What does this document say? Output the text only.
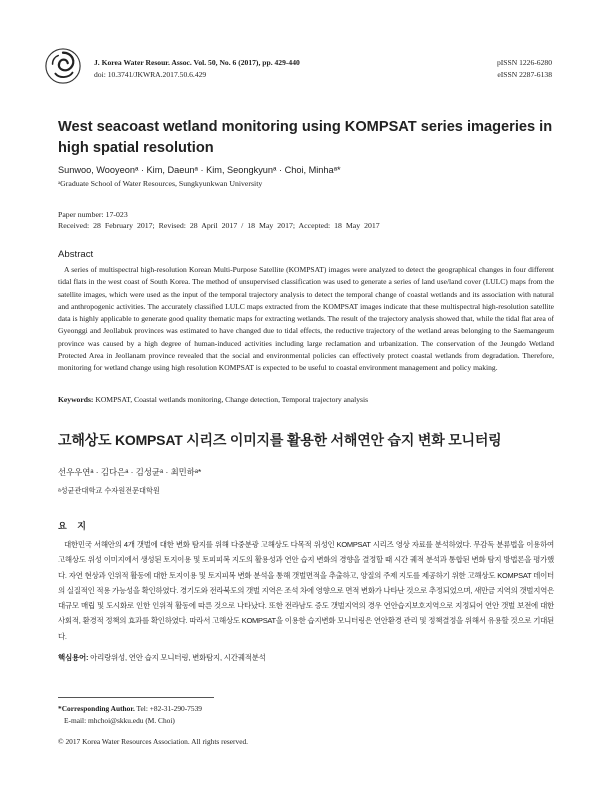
J. Korea Water Resour. Assoc. Vol. 50, No. 6 (2017), pp. 429-440
doi: 10.3741/JKWRA.2017.50.6.429
pISSN 1226-6280
eISSN 2287-6138
West seacoast wetland monitoring using KOMPSAT series imageries in high spatial resolution
Sunwoo, Wooyeonᵃ · Kim, Daeunᵃ · Kim, Seongkyunᵃ · Choi, Minhaᵃ*
ᵃGraduate School of Water Resources, Sungkyunkwan University
Paper number: 17-023
Received: 28 February 2017; Revised: 28 April 2017 / 18 May 2017; Accepted: 18 May 2017
Abstract

A series of multispectral high-resolution Korean Multi-Purpose Satellite (KOMPSAT) images were analyzed to detect the geographical changes in four different tidal flats in the west coast of South Korea. The method of unsupervised classification was used to generate a series of land use/land cover (LULC) maps from the satellite images, which were used as the input of the temporal trajectory analysis to detect the temporal change of coastal wetlands and its association with natural and anthropogenic activities. The accurately classified LULC maps extracted from the KOMPSAT images indicate that these multispectral high-resolution satellite data is highly applicable to generate good quality thematic maps for extracting wetlands. The result of the trajectory analysis showed that, while the tidal flat area of Gyeonggi and Jeollabuk provinces was estimated to have changed due to tidal effects, the reductive trajectory of the wetland areas belonging to the Saemangeum province was caused by a high degree of human-induced activities including large reclamation and urbanization. The conservation of the Jeungdo Wetland Protected Area in Jeollanam province revealed that the social and environmental policies can effectively protect coastal wetlands from degradation. Therefore, monitoring for wetland change using high resolution KOMPSAT is expected to be useful to coastal environment management and policy making.

Keywords: KOMPSAT, Coastal wetlands monitoring, Change detection, Temporal trajectory analysis
고해상도 KOMPSAT 시리즈 이미지를 활용한 서해연안 습지 변화 모니터링
선우우연ᵃ · 김다은ᵃ · 김성균ᵃ · 최민하ᵃ*
ᵃ성균관대학교 수자원전문대학원
요 지

대한민국 서해안의 4개 갯벌에 대한 변화 탐지를 위해 다중분광 고해상도 다목적 위성인 KOMPSAT 시리즈 영상 자료를 분석하였다. 무감독 분류법을 이용하여 고해상도 위성 이미지에서 생성된 토지이용 및 토피피복 지도의 활용성과 연안 습지 변화의 경향을 결정할 때 시간 궤적 분석과 통합된 변화 탐지 방법론을 평가했다. 자연 현상과 인위적 활동에 대한 토지이용 및 토지피복 변화 분석을 통해 갯벌면적을 추출하고, 양질의 주제 지도를 제공하기 위한 고해상도 KOMPSAT 데이터의 실질적인 적용 가능성을 확인하였다. 경기도와 전라북도의 갯벌 지역은 조석 차에 영향으로 면적 변화가 나타난 것으로 추정되었으며, 새만금 지역의 갯벌지역은 대규모 매립 및 도시화로 인한 인위적 활동에 따른 것으로 나타났다. 또한 전라남도 증도 갯벌지역의 경우 연안습지보호지역으로 지정되어 연안 갯벌 보전에 대한 사회적, 환경적 정책의 효과를 확인하였다. 따라서 고해상도 KOMPSAT을 이용한 습지변화 모니터링은 연안환경 관리 및 정책결정을 위해서 유용할 것으로 기대된다.

핵심용어: 아리랑위성, 연안 습지 모니터링, 변화탐지, 시간궤적분석
*Corresponding Author. Tel: +82-31-290-7539
E-mail: mhchoi@skku.edu (M. Choi)
© 2017 Korea Water Resources Association. All rights reserved.
